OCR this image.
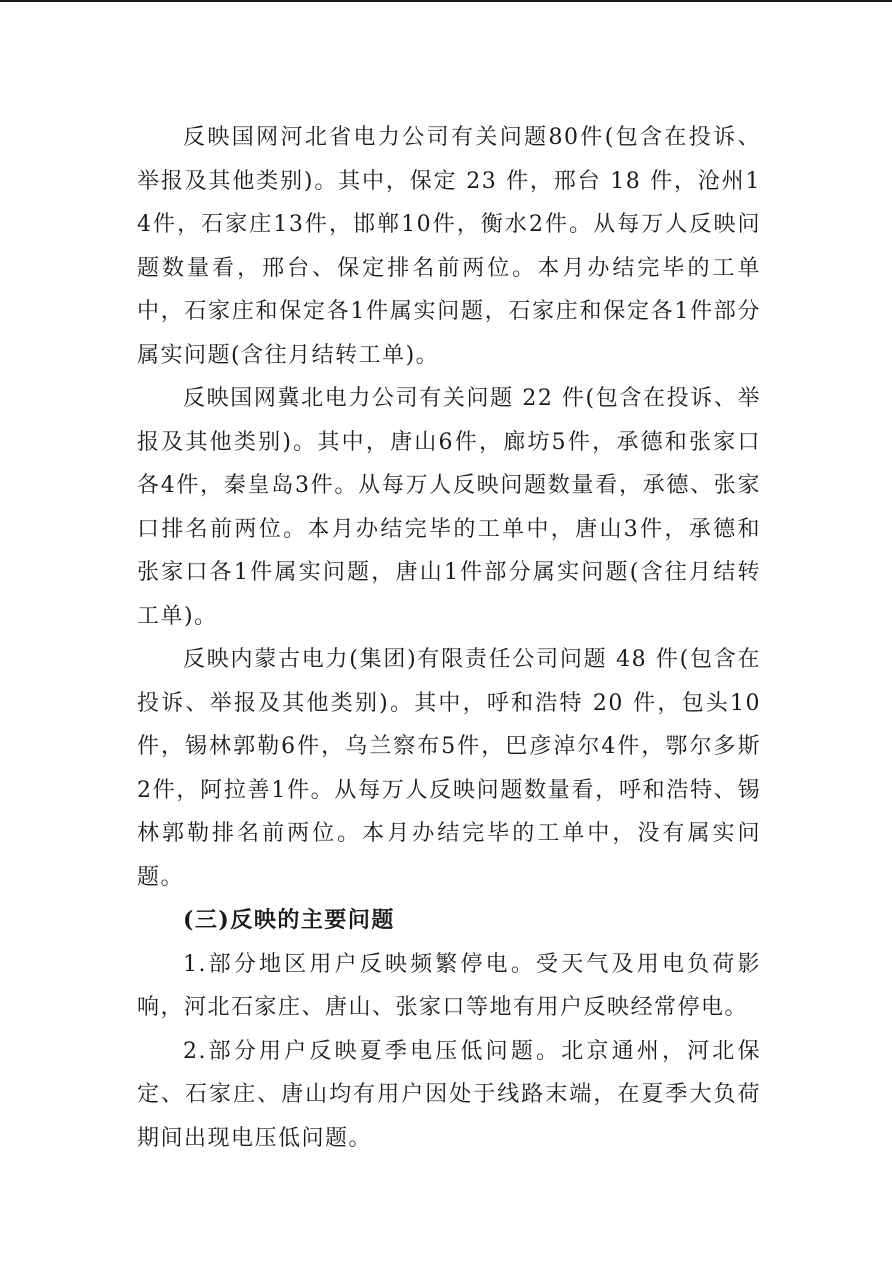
反映国网河北省电力公司有关问题80件(包含在投诉、举报及其他类别)。其中，保定 23 件，邢台 18 件，沧州14件，石家庄13件，邯郸10件，衡水2件。从每万人反映问题数量看，邢台、保定排名前两位。本月办结完毕的工单中，石家庄和保定各1件属实问题，石家庄和保定各1件部分属实问题(含往月结转工单)。

反映国网冀北电力公司有关问题 22 件(包含在投诉、举报及其他类别)。其中，唐山6件，廊坊5件，承德和张家口各4件，秦皇岛3件。从每万人反映问题数量看，承德、张家口排名前两位。本月办结完毕的工单中，唐山3件，承德和张家口各1件属实问题，唐山1件部分属实问题(含往月结转工单)。

反映内蒙古电力(集团)有限责任公司问题 48 件(包含在投诉、举报及其他类别)。其中，呼和浩特 20 件，包头10件，锡林郭勒6件，乌兰察布5件，巴彦淖尔4件，鄂尔多斯2件，阿拉善1件。从每万人反映问题数量看，呼和浩特、锡林郭勒排名前两位。本月办结完毕的工单中，没有属实问题。

(三)反映的主要问题

1.部分地区用户反映频繁停电。受天气及用电负荷影响，河北石家庄、唐山、张家口等地有用户反映经常停电。

2.部分用户反映夏季电压低问题。北京通州，河北保定、石家庄、唐山均有用户因处于线路末端，在夏季大负荷期间出现电压低问题。
